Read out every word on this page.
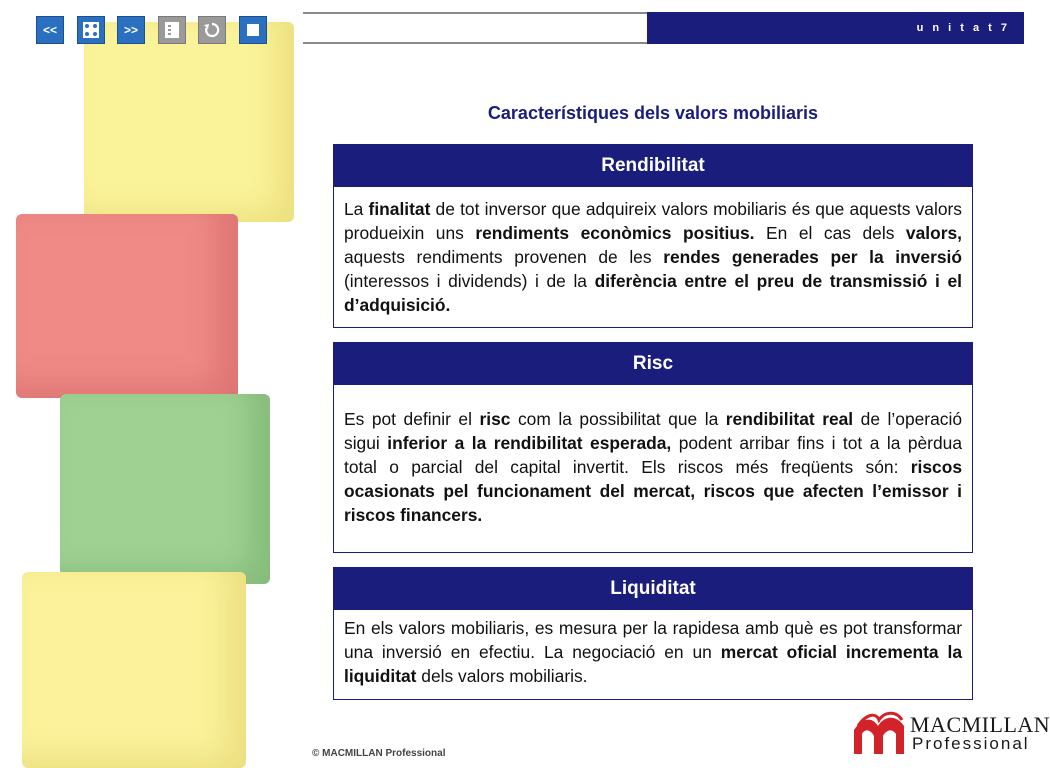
u n i t a t 7
<<	>>
Característiques dels valors mobiliaris
Rendibilitat
La finalitat de tot inversor que adquireix valors mobiliaris és que aquests valors produeixin uns rendiments econòmics positius. En el cas dels valors, aquests rendiments provenen de les rendes generades per la inversió (interessos i dividends) i de la diferència entre el preu de transmissió i el d’adquisició.
Risc
Es pot definir el risc com la possibilitat que la rendibilitat real de l’operació sigui inferior a la rendibilitat esperada, podent arribar fins i tot a la pèrdua total o parcial del capital invertit. Els riscos més freqüents són: riscos ocasionats pel funcionament del mercat, riscos que afecten l’emissor i riscos financers.
Liquiditat
En els valors mobiliaris, es mesura per la rapidesa amb què es pot transformar una inversió en efectiu. La negociació en un mercat oficial incrementa la liquiditat dels valors mobiliaris.
© MACMILLAN Professional
MACMILLAN
Professional
